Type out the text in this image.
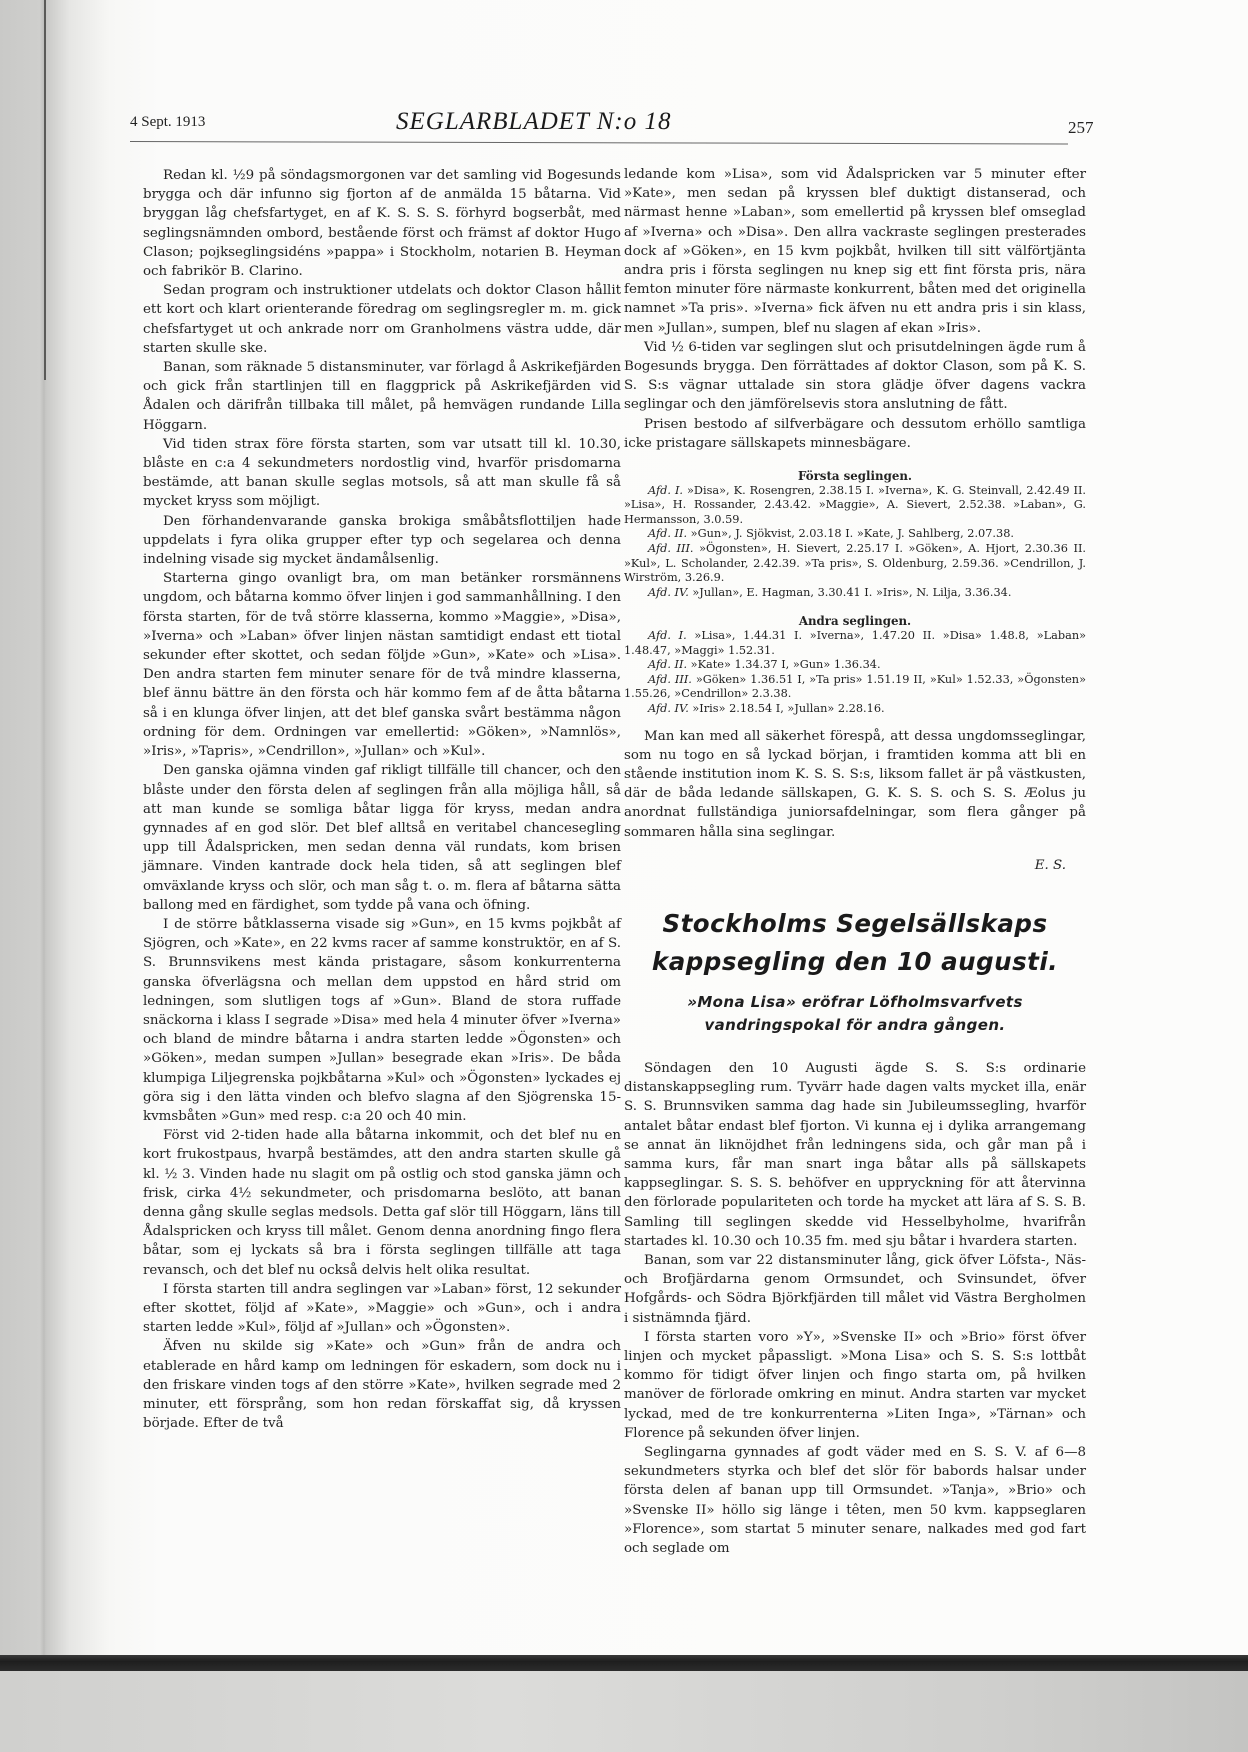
4 Sept. 1913	SEGLARBLADET N:o 18	257

Redan kl. ½9 på söndagsmorgonen var det samling vid Bogesunds brygga och där infunno sig fjorton af de anmälda 15 båtarna. Vid bryggan låg chefsfartyget, en af K. S. S. S. förhyrd bogserbåt, med seglingsnämnden ombord, bestående först och främst af doktor Hugo Clason; pojkseglingsidéns »pappa» i Stockholm, notarien B. Heyman och fabrikör B. Clarino.

Sedan program och instruktioner utdelats och doktor Clason hållit ett kort och klart orienterande föredrag om seglingsregler m. m. gick chefsfartyget ut och ankrade norr om Granholmens västra udde, där starten skulle ske.

Banan, som räknade 5 distansminuter, var förlagd å Askrikefjärden och gick från startlinjen till en flaggprick på Askrikefjärden vid Ådalen och därifrån tillbaka till målet, på hemvägen rundande Lilla Höggarn.

Vid tiden strax före första starten, som var utsatt till kl. 10.30, blåste en c:a 4 sekundmeters nordostlig vind, hvarför prisdomarna bestämde, att banan skulle seglas motsols, så att man skulle få så mycket kryss som möjligt.

Den förhandenvarande ganska brokiga småbåtsflottiljen hade uppdelats i fyra olika grupper efter typ och segelarea och denna indelning visade sig mycket ändamålsenlig.

Starterna gingo ovanligt bra, om man betänker rorsmännens ungdom, och båtarna kommo öfver linjen i god sammanhållning. I den första starten, för de två större klasserna, kommo »Maggie», »Disa», »Iverna» och »Laban» öfver linjen nästan samtidigt endast ett tiotal sekunder efter skottet, och sedan följde »Gun», »Kate» och »Lisa». Den andra starten fem minuter senare för de två mindre klasserna, blef ännu bättre än den första och här kommo fem af de åtta båtarna så i en klunga öfver linjen, att det blef ganska svårt bestämma någon ordning för dem. Ordningen var emellertid: »Göken», »Namnlös», »Iris», »Tapris», »Cendrillon», »Jullan» och »Kul».

Den ganska ojämna vinden gaf rikligt tillfälle till chancer, och den blåste under den första delen af seglingen från alla möjliga håll, så att man kunde se somliga båtar ligga för kryss, medan andra gynnades af en god slör. Det blef alltså en veritabel chancesegling upp till Ådalspricken, men sedan denna väl rundats, kom brisen jämnare. Vinden kantrade dock hela tiden, så att seglingen blef omväxlande kryss och slör, och man såg t. o. m. flera af båtarna sätta ballong med en färdighet, som tydde på vana och öfning.

I de större båtklasserna visade sig »Gun», en 15 kvms pojkbåt af Sjögren, och »Kate», en 22 kvms racer af samme konstruktör, en af S. S. Brunnsvikens mest kända pristagare, såsom konkurrenterna ganska öfverlägsna och mellan dem uppstod en hård strid om ledningen, som slutligen togs af »Gun». Bland de stora ruffade snäckorna i klass I segrade »Disa» med hela 4 minuter öfver »Iverna» och bland de mindre båtarna i andra starten ledde »Ögonsten» och »Göken», medan sumpen »Jullan» besegrade ekan »Iris». De båda klumpiga Liljegrenska pojkbåtarna »Kul» och »Ögonsten» lyckades ej göra sig i den lätta vinden och blefvo slagna af den Sjögrenska 15-kvmsbåten »Gun» med resp. c:a 20 och 40 min.

Först vid 2-tiden hade alla båtarna inkommit, och det blef nu en kort frukostpaus, hvarpå bestämdes, att den andra starten skulle gå kl. ½ 3. Vinden hade nu slagit om på ostlig och stod ganska jämn och frisk, cirka 4½ sekundmeter, och prisdomarna beslöto, att banan denna gång skulle seglas medsols. Detta gaf slör till Höggarn, läns till Ådalspricken och kryss till målet. Genom denna anordning fingo flera båtar, som ej lyckats så bra i första seglingen tillfälle att taga revansch, och det blef nu också delvis helt olika resultat.

I första starten till andra seglingen var »Laban» först, 12 sekunder efter skottet, följd af »Kate», »Maggie» och »Gun», och i andra starten ledde »Kul», följd af »Jullan» och »Ögonsten».

Äfven nu skilde sig »Kate» och »Gun» från de andra och etablerade en hård kamp om ledningen för eskadern, som dock nu i den friskare vinden togs af den större »Kate», hvilken segrade med 2 minuter, ett försprång, som hon redan förskaffat sig, då kryssen började. Efter de två

ledande kom »Lisa», som vid Ådalspricken var 5 minuter efter »Kate», men sedan på kryssen blef duktigt distanserad, och närmast henne »Laban», som emellertid på kryssen blef omseglad af »Iverna» och »Disa». Den allra vackraste seglingen presterades dock af »Göken», en 15 kvm pojkbåt, hvilken till sitt välförtjänta andra pris i första seglingen nu knep sig ett fint första pris, nära femton minuter före närmaste konkurrent, båten med det originella namnet »Ta pris». »Iverna» fick äfven nu ett andra pris i sin klass, men »Jullan», sumpen, blef nu slagen af ekan »Iris».

Vid ½ 6-tiden var seglingen slut och prisutdelningen ägde rum å Bogesunds brygga. Den förrättades af doktor Clason, som på K. S. S. S:s vägnar uttalade sin stora glädje öfver dagens vackra seglingar och den jämförelsevis stora anslutning de fått.

Prisen bestodo af silfverbägare och dessutom erhöllo samtliga icke pristagare sällskapets minnesbägare.

Första seglingen.

Afd. I. »Disa», K. Rosengren, 2.38.15 I. »Iverna», K. G. Steinvall, 2.42.49 II. »Lisa», H. Rossander, 2.43.42. »Maggie», A. Sievert, 2.52.38. »Laban», G. Hermansson, 3.0.59.

Afd. II. »Gun», J. Sjökvist, 2.03.18 I. »Kate, J. Sahlberg, 2.07.38.

Afd. III. »Ögonsten», H. Sievert, 2.25.17 I. »Göken», A. Hjort, 2.30.36 II. »Kul», L. Scholander, 2.42.39. »Ta pris», S. Oldenburg, 2.59.36. »Cendrillon, J. Wirström, 3.26.9.

Afd. IV. »Jullan», E. Hagman, 3.30.41 I. »Iris», N. Lilja, 3.36.34.

Andra seglingen.

Afd. I. »Lisa», 1.44.31 I. »Iverna», 1.47.20 II. »Disa» 1.48.8, »Laban» 1.48.47, »Maggi» 1.52.31.

Afd. II. »Kate» 1.34.37 I, »Gun» 1.36.34.

Afd. III. »Göken» 1.36.51 I, »Ta pris» 1.51.19 II, »Kul» 1.52.33, »Ögonsten» 1.55.26, »Cendrillon» 2.3.38.

Afd. IV. »Iris» 2.18.54 I, »Jullan» 2.28.16.

Man kan med all säkerhet förespå, att dessa ungdomsseglingar, som nu togo en så lyckad början, i framtiden komma att bli en stående institution inom K. S. S. S:s, liksom fallet är på västkusten, där de båda ledande sällskapen, G. K. S. S. och S. S. Æolus ju anordnat fullständiga juniorsafdelningar, som flera gånger på sommaren hålla sina seglingar.

E. S.
Stockholms Segelsällskaps kappsegling den 10 augusti.
»Mona Lisa» eröfrar Löfholmsvarfvets vandringspokal för andra gången.

Söndagen den 10 Augusti ägde S. S. S:s ordinarie distanskappsegling rum. Tyvärr hade dagen valts mycket illa, enär S. S. Brunnsviken samma dag hade sin Jubileumssegling, hvarför antalet båtar endast blef fjorton. Vi kunna ej i dylika arrangemang se annat än liknöjdhet från ledningens sida, och går man på i samma kurs, får man snart inga båtar alls på sällskapets kappseglingar. S. S. S. behöfver en uppryckning för att återvinna den förlorade populariteten och torde ha mycket att lära af S. S. B. Samling till seglingen skedde vid Hesselbyholme, hvarifrån startades kl. 10.30 och 10.35 fm. med sju båtar i hvardera starten.

Banan, som var 22 distansminuter lång, gick öfver Löfsta-, Näs- och Brofjärdarna genom Ormsundet, och Svinsundet, öfver Hofgårds- och Södra Björkfjärden till målet vid Västra Bergholmen i sistnämnda fjärd.

I första starten voro »Y», »Svenske II» och »Brio» först öfver linjen och mycket påpassligt. »Mona Lisa» och S. S. S:s lottbåt kommo för tidigt öfver linjen och fingo starta om, på hvilken manöver de förlorade omkring en minut. Andra starten var mycket lyckad, med de tre konkurrenterna »Liten Inga», »Tärnan» och Florence på sekunden öfver linjen.

Seglingarna gynnades af godt väder med en S. S. V. af 6—8 sekundmeters styrka och blef det slör för babords halsar under första delen af banan upp till Ormsundet. »Tanja», »Brio» och »Svenske II» höllo sig länge i têten, men 50 kvm. kappseglaren »Florence», som startat 5 minuter senare, nalkades med god fart och seglade om
